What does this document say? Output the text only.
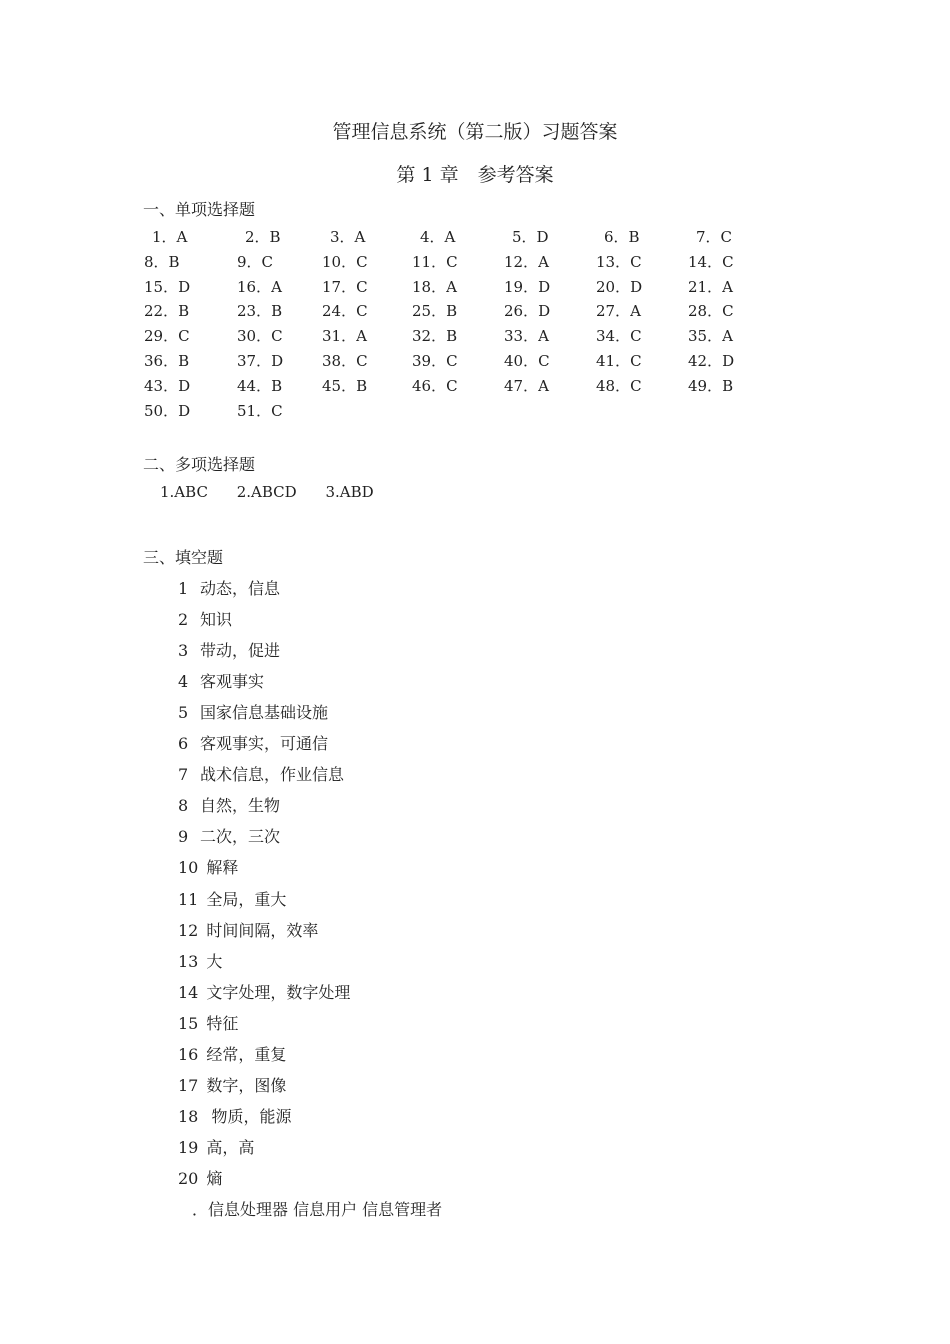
管理信息系统（第二版）习题答案
第 1 章　参考答案
一、单项选择题
1．A	2．B	3．A	4．A	5．D	6．B	7．C
8．B	9．C	10．C	11．C	12．A	13．C	14．C
15．D	16．A	17．C	18．A	19．D	20．D	21．A
22．B	23．B	24．C	25．B	26．D	27．A	28．C
29．C	30．C	31．A	32．B	33．A	34．C	35．A
36．B	37．D	38．C	39．C	40．C	41．C	42．D
43．D	44．B	45．B	46．C	47．A	48．C	49．B
50．D	51．C
二、多项选择题
1.ABC 2.ABCD 3.ABD
三、填空题
1 动态，信息
2 知识
3 带动，促进
4 客观事实
5 国家信息基础设施
6 客观事实，可通信
7 战术信息，作业信息
8 自然，生物
9 二次，三次
10 解释
11 全局，重大
12 时间间隔，效率
13 大
14 文字处理，数字处理
15 特征
16 经常，重复
17 数字，图像
18 物质，能源
19 高，高
20 熵
．信息处理器 信息用户 信息管理者
